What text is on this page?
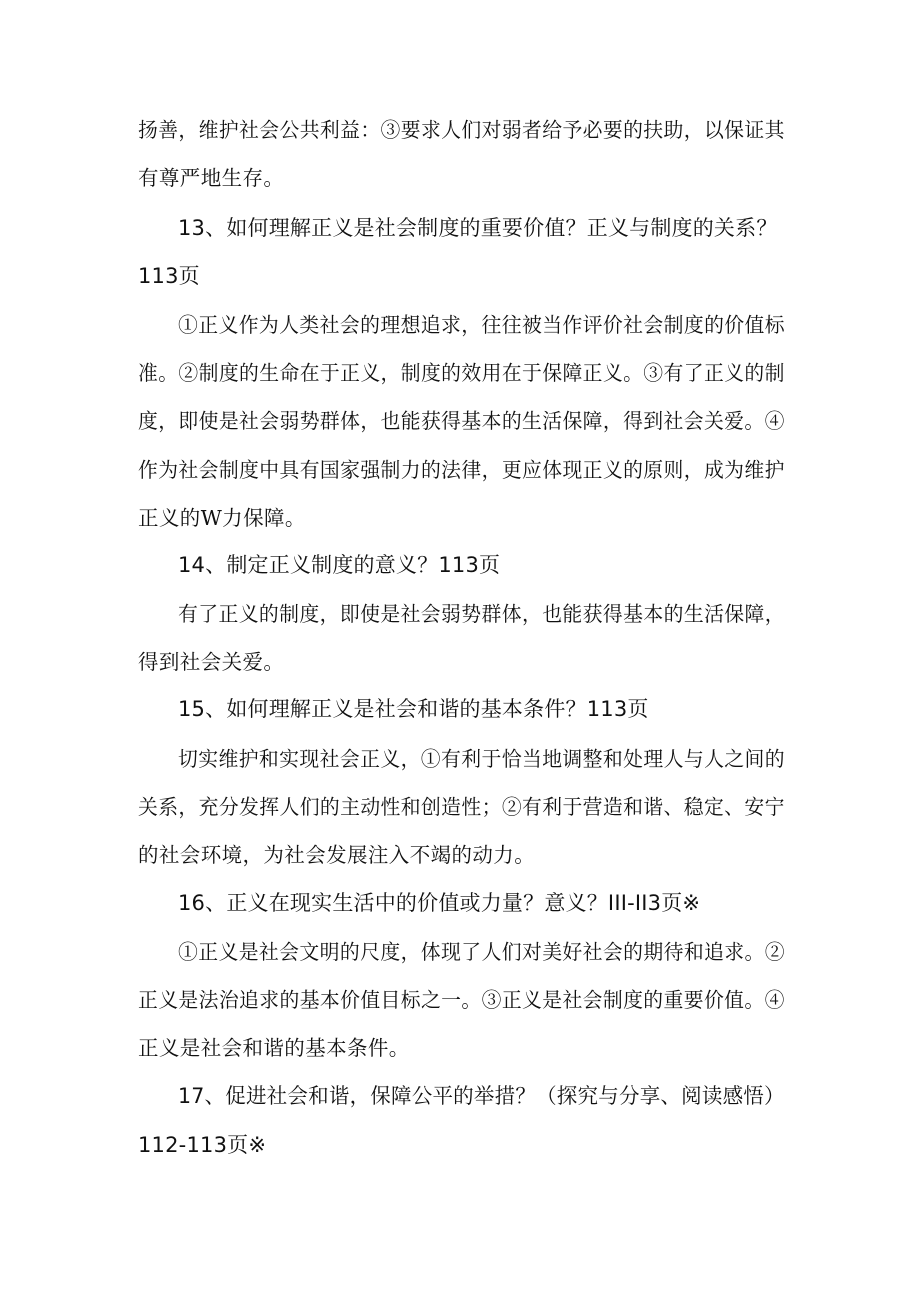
扬善，维护社会公共利益：③要求人们对弱者给予必要的扶助，以保证其
有尊严地生存。
13、如何理解正义是社会制度的重要价值？正义与制度的关系？
113页
①正义作为人类社会的理想追求，往往被当作评价社会制度的价值标
准。②制度的生命在于正义，制度的效用在于保障正义。③有了正义的制
度，即使是社会弱势群体，也能获得基本的生活保障，得到社会关爱。④
作为社会制度中具有国家强制力的法律，更应体现正义的原则，成为维护
正义的W力保障。
14、制定正义制度的意义？113页
有了正义的制度，即使是社会弱势群体，也能获得基本的生活保障，
得到社会关爱。
15、如何理解正义是社会和谐的基本条件？113页
切实维护和实现社会正义，①有利于恰当地调整和处理人与人之间的
关系，充分发挥人们的主动性和创造性；②有利于营造和谐、稳定、安宁
的社会环境，为社会发展注入不竭的动力。
16、正义在现实生活中的价值或力量？意义？III-II3页※
①正义是社会文明的尺度，体现了人们对美好社会的期待和追求。②
正义是法治追求的基本价值目标之一。③正义是社会制度的重要价值。④
正义是社会和谐的基本条件。
17、促进社会和谐，保障公平的举措？（探究与分享、阅读感悟）
112-113页※
